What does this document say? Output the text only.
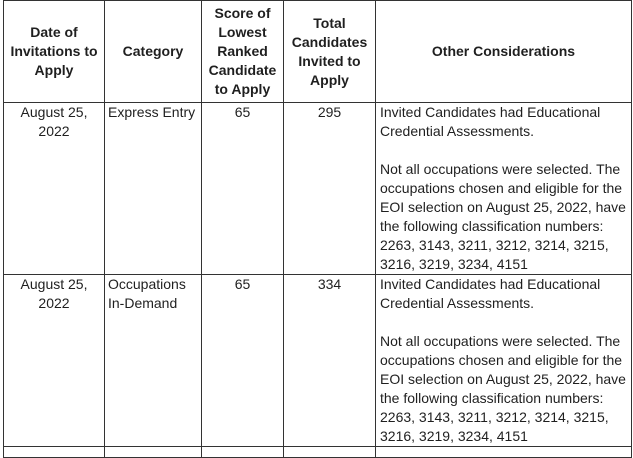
Date of Invitations to Apply	Category	Score of Lowest Ranked Candidate to Apply	Total Candidates Invited to Apply	Other Considerations
August 25, 2022	Express Entry	65	295	Invited Candidates had Educational Credential Assessments.

Not all occupations were selected. The occupations chosen and eligible for the EOI selection on August 25, 2022, have the following classification numbers: 2263, 3143, 3211, 3212, 3214, 3215, 3216, 3219, 3234, 4151

August 25, 2022	Occupations In-Demand	65	334	Invited Candidates had Educational Credential Assessments.

Not all occupations were selected. The occupations chosen and eligible for the EOI selection on August 25, 2022, have the following classification numbers: 2263, 3143, 3211, 3212, 3214, 3215, 3216, 3219, 3234, 4151
